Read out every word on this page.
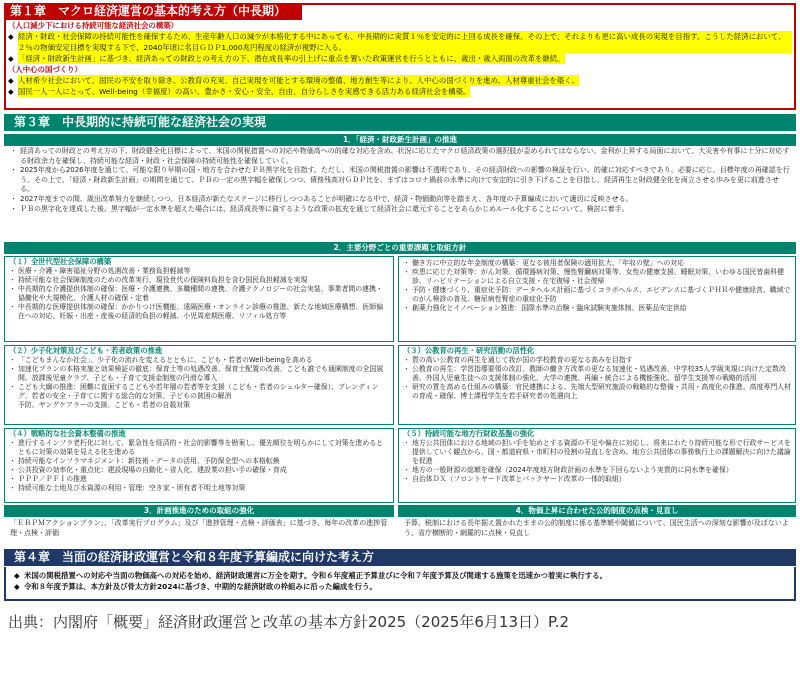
第１章　マクロ経済運営の基本的考え方（中長期）
（人口減少下における持続可能な経済社会の構築）
◆ 経済・財政・社会保障の持続可能性を確保するため、生産年齢人口の減少が本格化する中にあっても、中長期的に実質１％を安定的に上回る成長を確保。その上で、それよりも更に高い成長の実現を目指す。こうした経済において、２％の物価安定目標を実現する下で、2040年頃に名目ＧＤＰ1,000兆円程度の経済が視野に入る。
◆ 「経済・財政新生計画」に基づき、経済あっての財政との考え方の下、潜在成長率の引上げに重点を置いた政策運営を行うとともに、歳出・歳入両面の改革を継続。
（人中心の国づくり）
◆ 人材希少社会において、国民の不安を取り除き、公教育の充実、自己実現を可能とする環境の整備、地方創生等により、人中心の国づくりを進め、人材尊重社会を築く。
◆ 国民一人一人にとって、Well-being（幸福度）の高い、豊かさ・安心・安全、自由、自分らしさを実感できる活力ある経済社会を構築。
第３章　中長期的に持続可能な経済社会の実現
1．「経済・財政新生計画」の推進
・ 経済あっての財政との考え方の下、財政健全化目標によって、米国の関税措置への対応や物価高への的確な対応を含め、状況に応じたマクロ経済政策の選択肢が歪められてはならない。金利が上昇する局面において、大災害や有事に十分に対応する財政余力を確保し、持続可能な経済・財政・社会保障の持続可能性を確保していく。
・ 2025年度から2026年度を通じて、可能な限り早期の国・地方を合わせたＰＢ黒字化を目指す。ただし、米国の関税措置の影響は不透明であり、その経済財政への影響の検証を行い、的確に対応すべきであり、必要に応じ、目標年度の再確認を行う。その上で、「経済・財政新生計画」の期間を通じて、ＰＢの一定の黒字幅を確保しつつ、債務残高対ＧＤＰ比を、まずはコロナ禍前の水準に向けて安定的に引き下げることを目指し、経済再生と財政健全化を両立させる歩みを更に前進させる。
・ 2027年度までの間、歳出改革努力を継続しつつ、日本経済が新たなステージに移行しつつあることが明確になる中で、経済・物価動向等を踏まえ、各年度の予算編成において適切に反映させる。
・ ＰＢの黒字化を達成した後、黒字幅が一定水準を超えた場合には、経済成長等に資するような政策の拡充を通じて経済社会に還元することをあらかじめルール化することについて、検討に着手。
2．主要分野ごとの重要課題と取組方針
（１）全世代型社会保障の構築
・ 医療・介護・障害福祉分野の処遇改善・業務負担軽減等
・ 持続可能な社会保障制度のための改革実行、現役世代の保険料負担を含む国民負担軽減を実現
・ 中長期的な介護提供体制の確保：医療・介護連携、多職種間の連携、介護テクノロジーの社会実装、事業者間の連携・協働化や大規模化、介護人材の確保・定着
・ 中長期的な医療提供体制の確保：かかりつけ医機能、遠隔医療・オンライン診療の推進、新たな地域医療構想、医師偏在への対応、妊娠・出産・産後の経済的負担の軽減、小児周産期医療、リフィル処方等
・ 働き方に中立的な年金制度の構築：更なる被用者保険の適用拡大、「年収の壁」への対応
・ 疾患に応じた対策等：がん対策、循環器病対策、慢性腎臓病対策等、女性の健康支援、睡眠対策、いわゆる国民皆歯科健診、リハビリテーションによる自立支援・在宅復帰・社会復帰
・ 予防・健康づくり、重症化予防：データヘルス計画に基づくコラボヘルス、エビデンスに基づくＰＨＲや健康経営、職域でのがん検診の普及、糖尿病性腎症の重症化予防
・ 創薬力強化とイノベーション推進：国際水準の治験・臨床試験実施体制、医薬品安定供給
（２）少子化対策及びこども・若者政策の推進
・ 「こどもまんなか社会」、少子化の流れを変えるとともに、こども・若者のWell-beingを高める
・ 加速化プランの本格実施と効果検証の徹底：保育士等の処遇改善、保育士配置の改善、こども誰でも通園制度の全国展開、放課後児童クラブ、子ども・子育て支援金制度の円滑な導入
・ こども大綱の推進：困難に直面するこどもや若年層の若者等を支援（こども・若者のシェルター確保）、ブレンディング、若者の安全・子育てに関する総合的な対策、子どもの貧困の解消
予防、ヤングケアラーの支援、こども・若者の自殺対策
（３）公教育の再生・研究活動の活性化
・ 質の高い公教育の再生を通じて我が国の学校教育の更なる高みを目指す
・ 公教育の再生：学習指導要領の改訂、教師の働き方改革の更なる加速化・処遇改善、中学校35人学級実現に向けた定数改善、外国人児童生徒への支援体制の強化、大学の連携、再編・統合による機能強化、留学生支援等の戦略的活用
・ 研究の質を高める仕組みの構築：官民連携による、先端大型研究施設の戦略的な整備・共用・高度化の推進、高度専門人材の育成・確保、博士課程学生を若手研究者の処遇向上
（４）戦略的な社会資本整備の推進
・ 進行するインフラ老朽化に対して、緊急性を経済的・社会的影響等を勘案し、優先順位を明らかにして対策を進めるとともに対策の効果を見える化を進める
・ 持続可能なインフラマネジメント：新技術・データの活用、予防保全型への本格転換
・ 公共投資の効率化・重点化：建設現場の自動化・省人化、建設業の担い手の確保・育成
・ ＰＰＰ／ＰＦＩの推進
・ 持続可能な土地及び水資源の利用・管理：空き家・所有者不明土地等対策
（５）持続可能な地方行財政基盤の強化
・ 地方公共団体における地域の担い手を始めとする資源の不足や偏在に対応し、将来にわたり持続可能な形で行政サービスを提供していく観点から、国・都道府県・市町村の役割の見直しを含め、地方公共団体の事務執行上の課題解決に向けた議論を促進
・ 地方の一般財源の総額を確保（2024年度地方財政計画の水準を下回らないよう実質的に同水準を確保）
・ 自治体ＤＸ（フロントヤード改革とバックヤード改革の一体的取組）
3．計画推進のための取組の強化
「ＥＢＰＭアクションプラン」、「改革実行プログラム」及び「進捗管理・点検・評価表」に基づき、毎年の改革の進捗管理・点検・評価
4．物価上昇に合わせた公的制度の点検・見直し
予算、税制における長年据え置かれたままの公的制度に係る基準額や閾値について、国民生活への深刻な影響が及ばないよう、省庁横断的・網羅的に点検・見直し
第４章　当面の経済財政運営と令和８年度予算編成に向けた考え方
◆ 米国の関税措置への対応や当面の物価高への対応を始め、経済財政運営に万全を期す。令和６年度補正予算並びに令和７年度予算及び関連する施策を迅速かつ着実に執行する。
◆ 令和８年度予算は、本方針及び骨太方針2024に基づき、中期的な経済財政の枠組みに沿った編成を行う。
出典：内閣府「概要」経済財政運営と改革の基本方針2025（2025年6月13日）P.2
